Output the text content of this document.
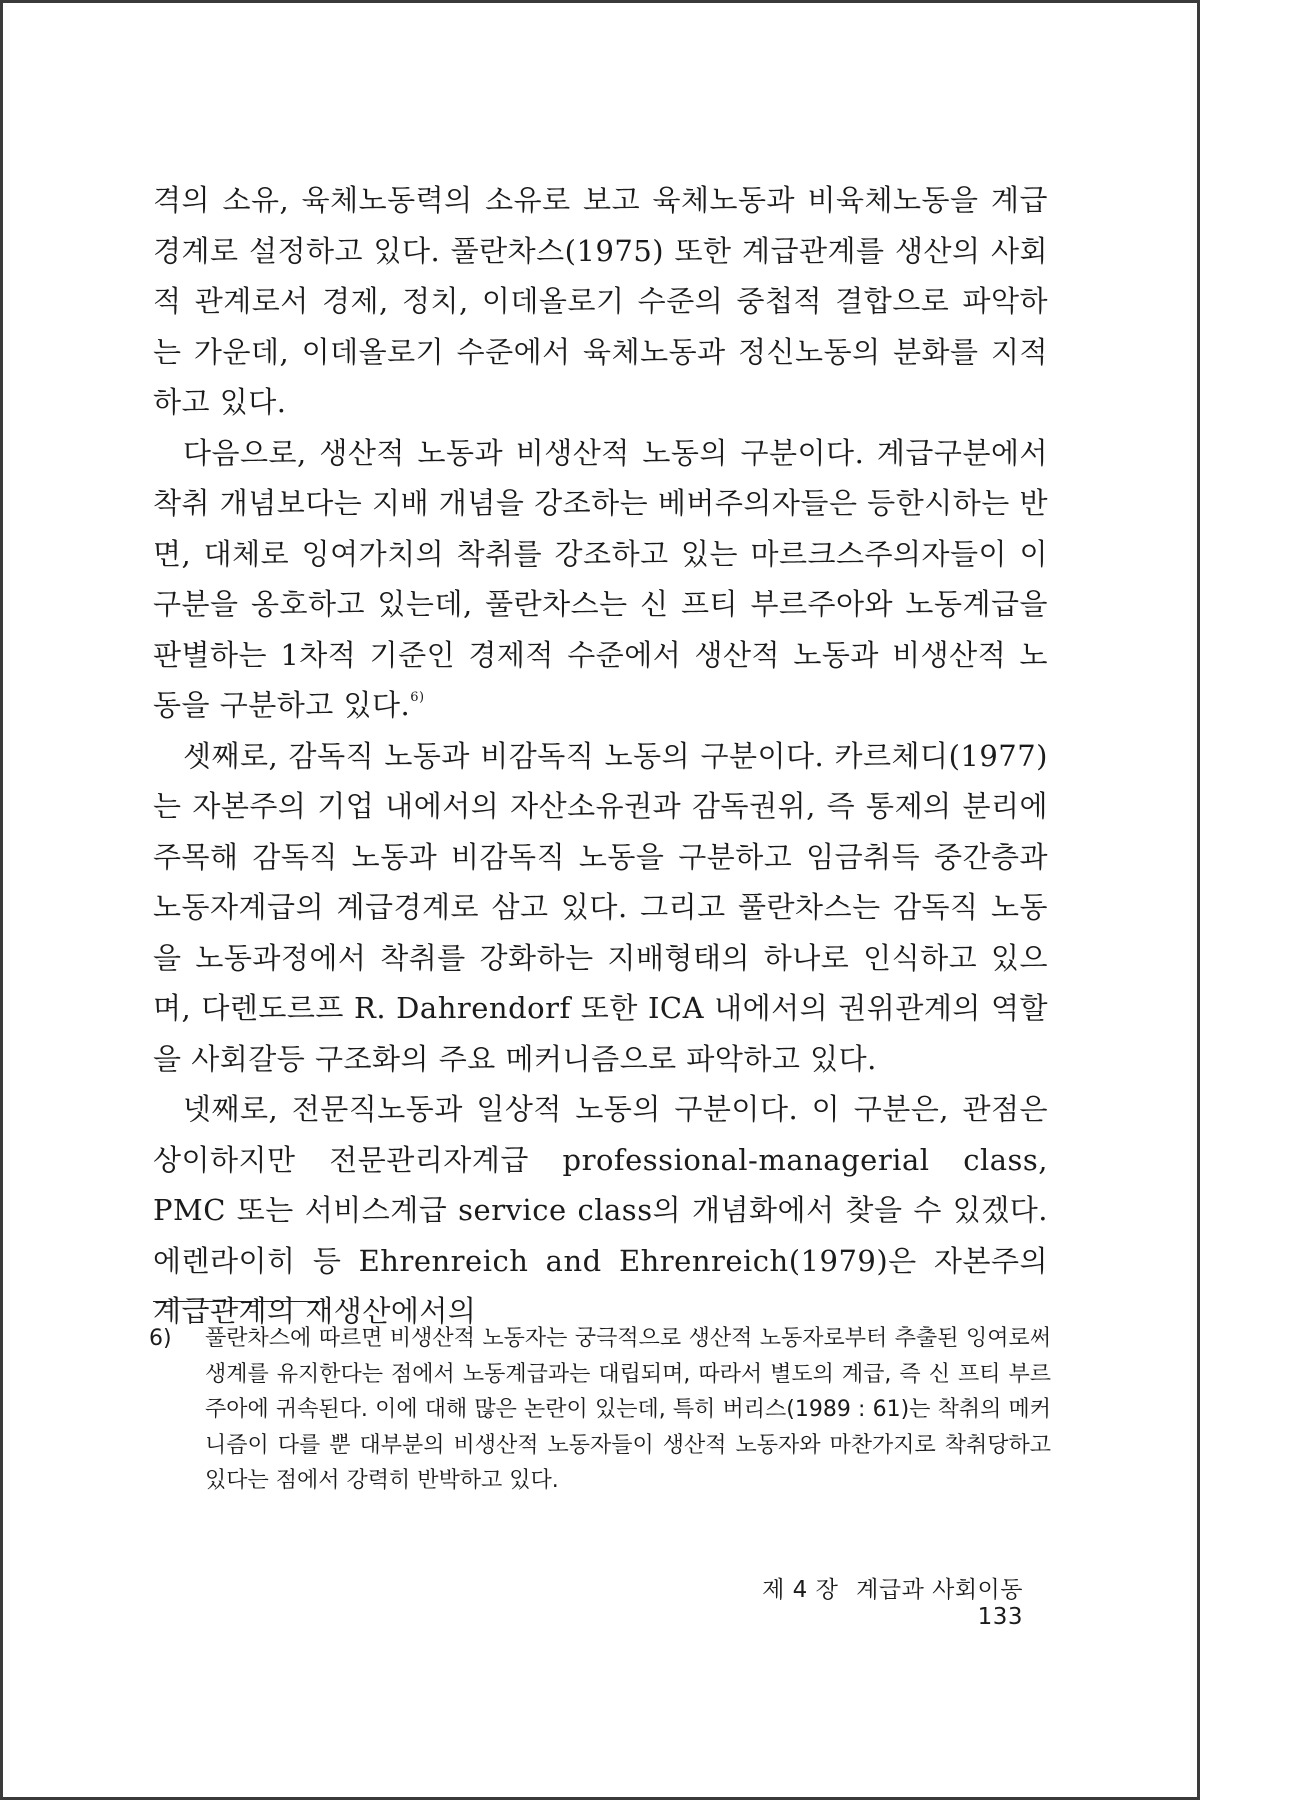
격의 소유, 육체노동력의 소유로 보고 육체노동과 비육체노동을 계급경계로 설정하고 있다. 풀란차스(1975) 또한 계급관계를 생산의 사회적 관계로서 경제, 정치, 이데올로기 수준의 중첩적 결합으로 파악하는 가운데, 이데올로기 수준에서 육체노동과 정신노동의 분화를 지적하고 있다.

다음으로, 생산적 노동과 비생산적 노동의 구분이다. 계급구분에서 착취 개념보다는 지배 개념을 강조하는 베버주의자들은 등한시하는 반면, 대체로 잉여가치의 착취를 강조하고 있는 마르크스주의자들이 이 구분을 옹호하고 있는데, 풀란차스는 신 프티 부르주아와 노동계급을 판별하는 1차적 기준인 경제적 수준에서 생산적 노동과 비생산적 노동을 구분하고 있다.$^{6)}$

셋째로, 감독직 노동과 비감독직 노동의 구분이다. 카르체디(1977)는 자본주의 기업 내에서의 자산소유권과 감독권위, 즉 통제의 분리에 주목해 감독직 노동과 비감독직 노동을 구분하고 임금취득 중간층과 노동자계급의 계급경계로 삼고 있다. 그리고 풀란차스는 감독직 노동을 노동과정에서 착취를 강화하는 지배형태의 하나로 인식하고 있으며, 다렌도르프 R. Dahrendorf 또한 ICA 내에서의 권위관계의 역할을 사회갈등 구조화의 주요 메커니즘으로 파악하고 있다.

넷째로, 전문직노동과 일상적 노동의 구분이다. 이 구분은, 관점은 상이하지만 전문관리자계급 professional-managerial class, PMC 또는 서비스계급 service class의 개념화에서 찾을 수 있겠다. 에렌라이히 등 Ehrenreich and Ehrenreich(1979)은 자본주의 계급관계의 재생산에서의

6) 풀란차스에 따르면 비생산적 노동자는 궁극적으로 생산적 노동자로부터 추출된 잉여로써 생계를 유지한다는 점에서 노동계급과는 대립되며, 따라서 별도의 계급, 즉 신 프티 부르주아에 귀속된다. 이에 대해 많은 논란이 있는데, 특히 버리스(1989 : 61)는 착취의 메커니즘이 다를 뿐 대부분의 비생산적 노동자들이 생산적 노동자와 마찬가지로 착취당하고 있다는 점에서 강력히 반박하고 있다.
제 4 장 계급과 사회이동 133
